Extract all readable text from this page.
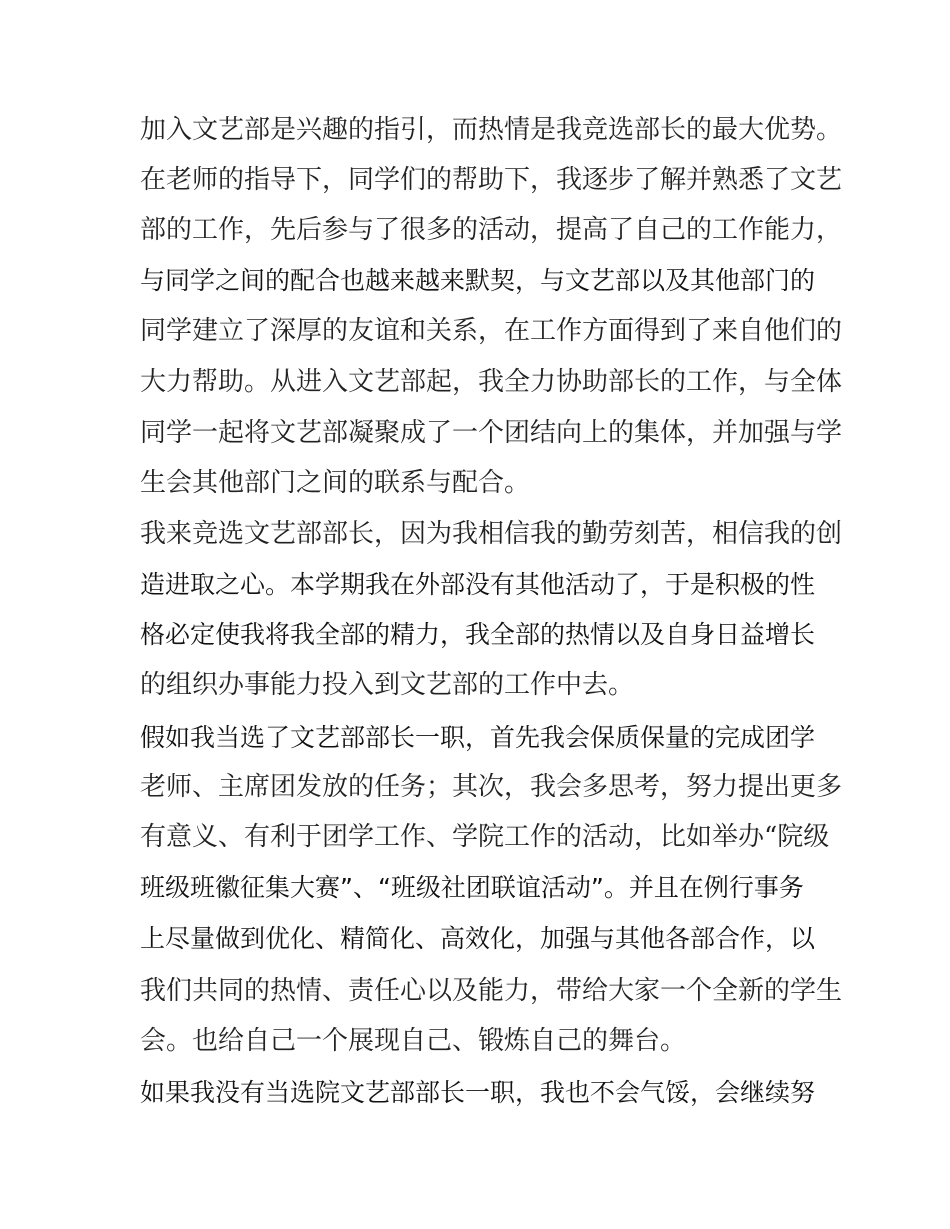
加入文艺部是兴趣的指引，而热情是我竞选部长的最大优势。
在老师的指导下，同学们的帮助下，我逐步了解并熟悉了文艺
部的工作，先后参与了很多的活动，提高了自己的工作能力，
与同学之间的配合也越来越来默契，与文艺部以及其他部门的
同学建立了深厚的友谊和关系，在工作方面得到了来自他们的
大力帮助。从进入文艺部起，我全力协助部长的工作，与全体
同学一起将文艺部凝聚成了一个团结向上的集体，并加强与学
生会其他部门之间的联系与配合。
我来竞选文艺部部长，因为我相信我的勤劳刻苦，相信我的创
造进取之心。本学期我在外部没有其他活动了，于是积极的性
格必定使我将我全部的精力，我全部的热情以及自身日益增长
的组织办事能力投入到文艺部的工作中去。
假如我当选了文艺部部长一职，首先我会保质保量的完成团学
老师、主席团发放的任务；其次，我会多思考，努力提出更多
有意义、有利于团学工作、学院工作的活动，比如举办“院级
班级班徽征集大赛”、“班级社团联谊活动”。并且在例行事务
上尽量做到优化、精简化、高效化，加强与其他各部合作，以
我们共同的热情、责任心以及能力，带给大家一个全新的学生
会。也给自己一个展现自己、锻炼自己的舞台。
如果我没有当选院文艺部部长一职，我也不会气馁，会继续努
